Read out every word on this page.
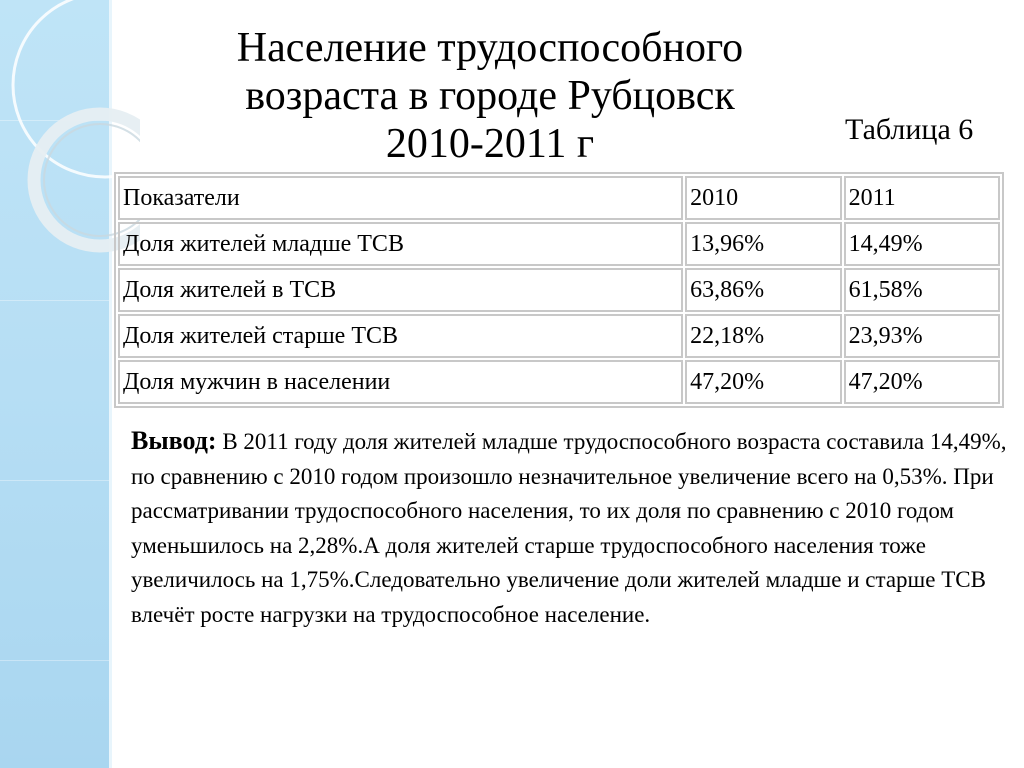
Население трудоспособного
возраста в городе Рубцовск
2010-2011 г	Таблица 6
Показатели	2010	2011
Доля жителей младше ТСВ	13,96%	14,49%
Доля жителей в ТСВ	63,86%	61,58%
Доля жителей старше ТСВ	22,18%	23,93%
Доля мужчин в населении	47,20%	47,20%

Вывод: В 2011 году доля жителей младше трудоспособного возраста составила 14,49%, по сравнению с 2010 годом произошло незначительное увеличение всего на 0,53%. При рассматривании трудоспособного населения, то их доля по сравнению с 2010 годом уменьшилось на 2,28%.А доля жителей старше трудоспособного населения тоже увеличилось на 1,75%.Следовательно увеличение доли жителей младше и старше ТСВ влечёт росте нагрузки на трудоспособное население.
